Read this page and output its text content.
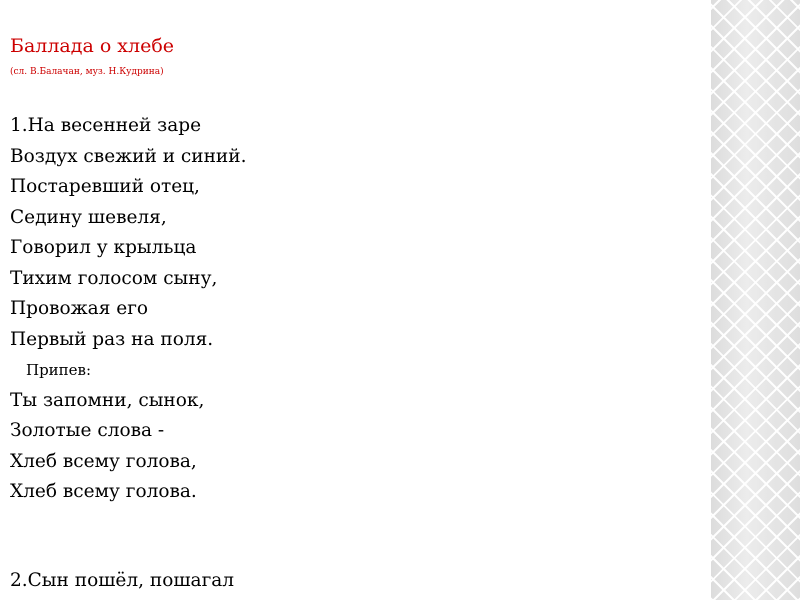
Баллада о хлебе
(сл. В.Балачан, муз. Н.Кудрина)
1.На весенней заре
Воздух свежий и синий.
Постаревший отец,
Седину шевеля,
Говорил у крыльца
Тихим голосом сыну,
Провожая его
Первый раз на поля.
Припев:
Ты запомни, сынок,
Золотые слова -
Хлеб всему голова,
Хлеб всему голова.
2.Сын пошёл, пошагал
